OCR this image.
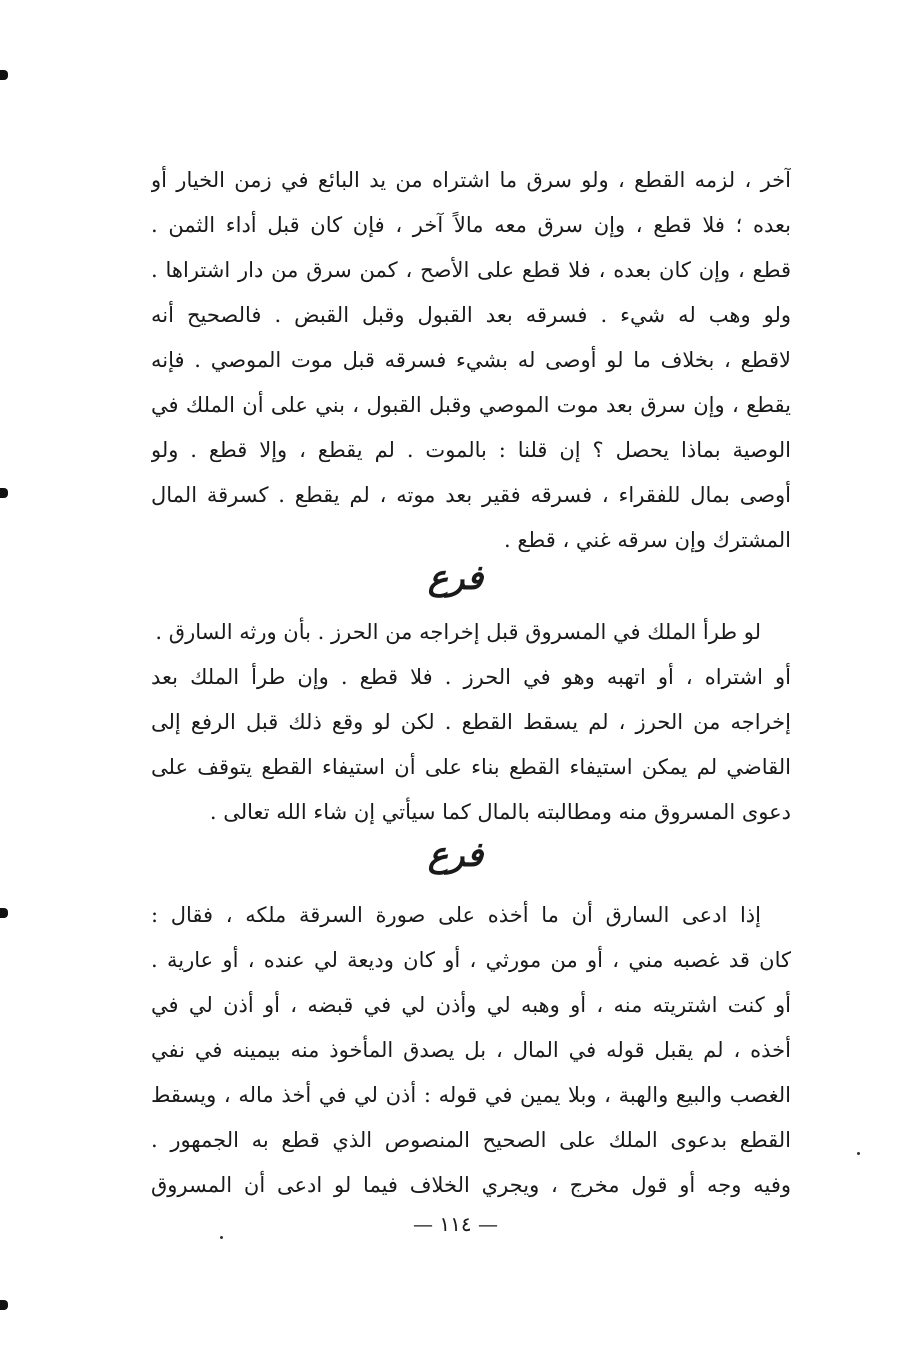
آخر ، لزمه القطع ، ولو سرق ما اشتراه من يد البائع في زمن الخيار أو
بعده ؛ فلا قطع ، وإن سرق معه مالاً آخر ، فإن كان قبل أداء الثمن .
قطع ، وإن كان بعده ، فلا قطع على الأصح ، كمن سرق من دار اشتراها .
ولو وهب له شيء . فسرقه بعد القبول وقبل القبض . فالصحيح أنه
لاقطع ، بخلاف ما لو أوصى له بشيء فسرقه قبل موت الموصي . فإنه
يقطع ، وإن سرق بعد موت الموصي وقبل القبول ، بني على أن الملك في
الوصية بماذا يحصل ؟ إن قلنا : بالموت . لم يقطع ، وإلا قطع . ولو
أوصى بمال للفقراء ، فسرقه فقير بعد موته ، لم يقطع . كسرقة المال
المشترك وإن سرقه غني ، قطع .
فرع
لو طرأ الملك في المسروق قبل إخراجه من الحرز . بأن ورثه السارق .
أو اشتراه ، أو اتهبه وهو في الحرز . فلا قطع . وإن طرأ الملك بعد
إخراجه من الحرز ، لم يسقط القطع . لكن لو وقع ذلك قبل الرفع إلى
القاضي لم يمكن استيفاء القطع بناء على أن استيفاء القطع يتوقف على
دعوى المسروق منه ومطالبته بالمال كما سيأتي إن شاء الله تعالى .
فرع
إذا ادعى السارق أن ما أخذه على صورة السرقة ملكه ، فقال :
كان قد غصبه مني ، أو من مورثي ، أو كان وديعة لي عنده ، أو عارية .
أو كنت اشتريته منه ، أو وهبه لي وأذن لي في قبضه ، أو أذن لي في
أخذه ، لم يقبل قوله في المال ، بل يصدق المأخوذ منه بيمينه في نفي
الغصب والبيع والهبة ، وبلا يمين في قوله : أذن لي في أخذ ماله ، ويسقط
القطع بدعوى الملك على الصحيح المنصوص الذي قطع به الجمهور .
وفيه وجه أو قول مخرج ، ويجري الخلاف فيما لو ادعى أن المسروق
— ١١٤ —
